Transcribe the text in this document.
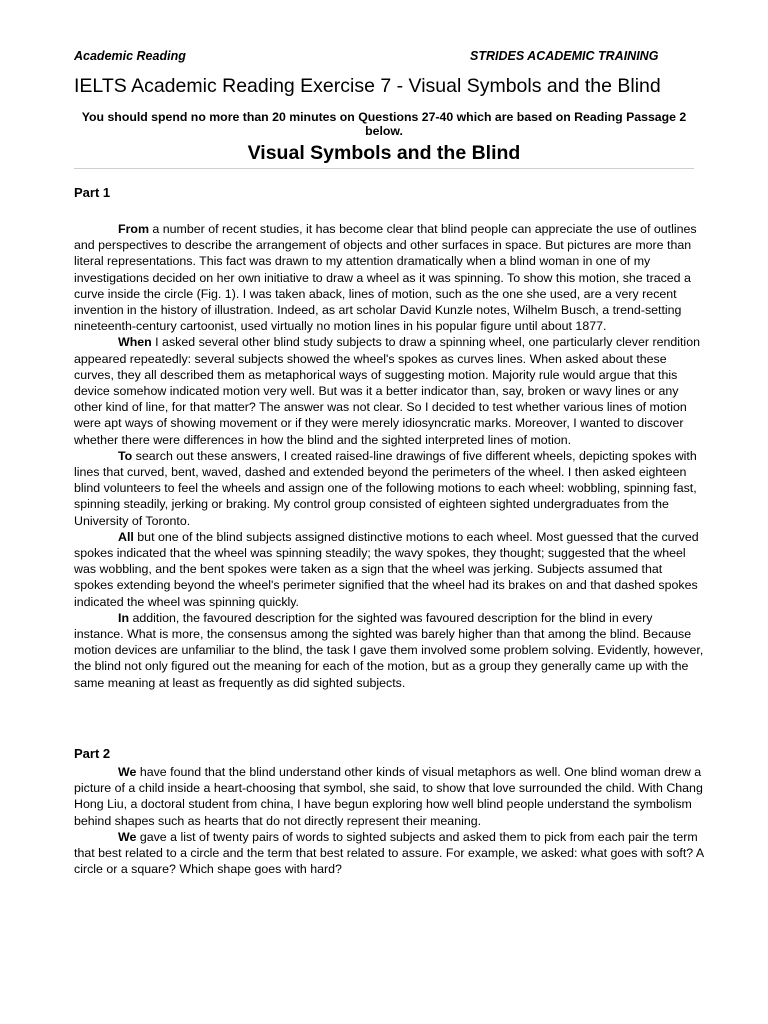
Academic Reading	STRIDES ACADEMIC TRAINING
IELTS Academic Reading Exercise 7 - Visual Symbols and the Blind
You should spend no more than 20 minutes on Questions 27-40 which are based on Reading Passage 2 below.
Visual Symbols and the Blind
Part 1

From a number of recent studies, it has become clear that blind people can appreciate the use of outlines and perspectives to describe the arrangement of objects and other surfaces in space. But pictures are more than literal representations. This fact was drawn to my attention dramatically when a blind woman in one of my investigations decided on her own initiative to draw a wheel as it was spinning. To show this motion, she traced a curve inside the circle (Fig. 1). I was taken aback, lines of motion, such as the one she used, are a very recent invention in the history of illustration. Indeed, as art scholar David Kunzle notes, Wilhelm Busch, a trend-setting nineteenth-century cartoonist, used virtually no motion lines in his popular figure until about 1877.

When I asked several other blind study subjects to draw a spinning wheel, one particularly clever rendition appeared repeatedly: several subjects showed the wheel's spokes as curves lines. When asked about these curves, they all described them as metaphorical ways of suggesting motion. Majority rule would argue that this device somehow indicated motion very well. But was it a better indicator than, say, broken or wavy lines or any other kind of line, for that matter? The answer was not clear. So I decided to test whether various lines of motion were apt ways of showing movement or if they were merely idiosyncratic marks. Moreover, I wanted to discover whether there were differences in how the blind and the sighted interpreted lines of motion.

To search out these answers, I created raised-line drawings of five different wheels, depicting spokes with lines that curved, bent, waved, dashed and extended beyond the perimeters of the wheel. I then asked eighteen blind volunteers to feel the wheels and assign one of the following motions to each wheel: wobbling, spinning fast, spinning steadily, jerking or braking. My control group consisted of eighteen sighted undergraduates from the University of Toronto.

All but one of the blind subjects assigned distinctive motions to each wheel. Most guessed that the curved spokes indicated that the wheel was spinning steadily; the wavy spokes, they thought; suggested that the wheel was wobbling, and the bent spokes were taken as a sign that the wheel was jerking. Subjects assumed that spokes extending beyond the wheel's perimeter signified that the wheel had its brakes on and that dashed spokes indicated the wheel was spinning quickly.

In addition, the favoured description for the sighted was favoured description for the blind in every instance. What is more, the consensus among the sighted was barely higher than that among the blind. Because motion devices are unfamiliar to the blind, the task I gave them involved some problem solving. Evidently, however, the blind not only figured out the meaning for each of the motion, but as a group they generally came up with the same meaning at least as frequently as did sighted subjects.

Part 2

We have found that the blind understand other kinds of visual metaphors as well. One blind woman drew a picture of a child inside a heart-choosing that symbol, she said, to show that love surrounded the child. With Chang Hong Liu, a doctoral student from china, I have begun exploring how well blind people understand the symbolism behind shapes such as hearts that do not directly represent their meaning.

We gave a list of twenty pairs of words to sighted subjects and asked them to pick from each pair the term that best related to a circle and the term that best related to assure. For example, we asked: what goes with soft? A circle or a square? Which shape goes with hard?
